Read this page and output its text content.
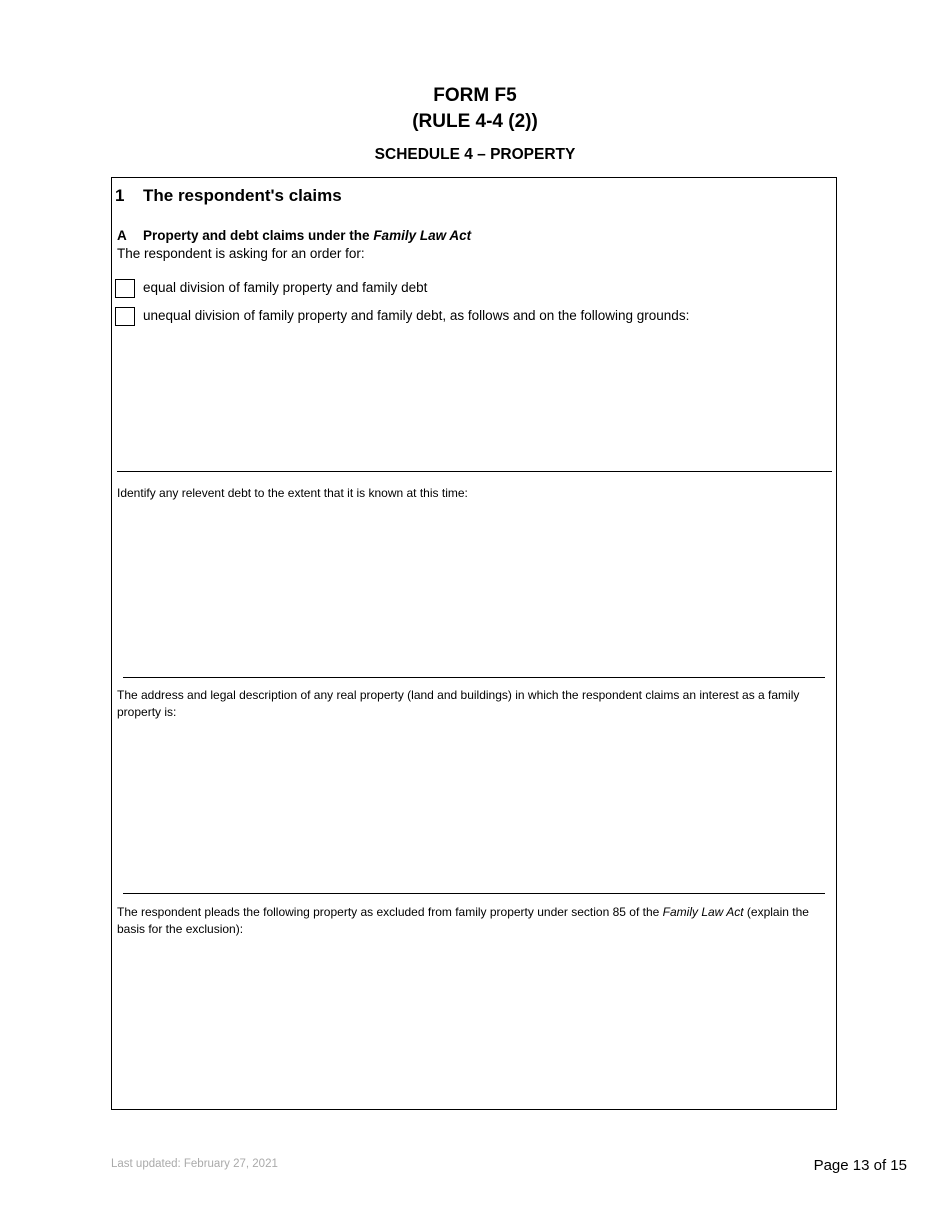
FORM F5
(RULE 4-4 (2))
SCHEDULE 4 – PROPERTY
1 The respondent's claims
A Property and debt claims under the Family Law Act
The respondent is asking for an order for:
equal division of family property and family debt
unequal division of family property and family debt, as follows and on the following grounds:
Identify any relevent debt to the extent that it is known at this time:
The address and legal description of any real property (land and buildings) in which the respondent claims an interest as a family property is:
The respondent pleads the following property as excluded from family property under section 85 of the Family Law Act (explain the basis for the exclusion):
Last updated: February 27, 2021	Page 13 of 15
